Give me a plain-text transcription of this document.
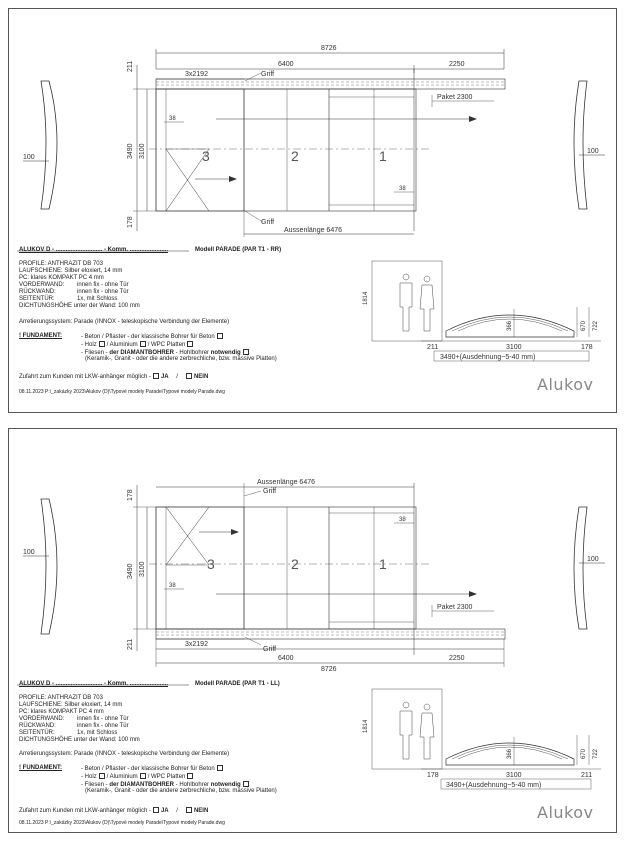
8726
6400	2250
3x2192	Griff
Paket 2300
211
3490 3100
178
38
38
Griff
Aussenlänge 6476
100
100
1
2
3
1814
366	670 722
211	3100	178
3490+(Ausdehnung~5-40 mm)
ALUKOV D - ............................ - Komm. .......................	Modell PARADE (PAR T1 - RR)
PROFILE: ANTHRAZIT DB 703
LAUFSCHIENE: Silber eloxiert, 14 mm
PC: klares KOMPAKT PC 4 mm
VORDERWAND: innen fix - ohne Tür
RÜCKWAND:	innen fix - ohne Tür
SEITENTÜR:	1x, mit Schloss
DICHTUNGSHÖHE unter der Wand: 100 mm
Arretierungssystem: Parade (INNOX - teleskopische Verbindung der Elemente)
! FUNDAMENT:	- Beton / Pflaster - der klassische Bohrer für Beton
- Holz / Aluminium / WPC Platten
- Fliesen - der DIAMANTBOHRER - Hohlbohrer notwendig
(Keramik-, Granit - oder die andere zerbrechliche, bzw. massive Platten)
Zufahrt zum Kunden mit LKW-anhänger möglich - JA /	NEIN
08.11.2023 P:\_zakázky 2023\Alukov (D)\Typové modely Parade\Typové modely Parade.dwg	Alukov
Aussenlänge 6476
Griff
178
3490 3100
211
38
38
Paket 2300
3x2192
Griff
6400	2250
8726
100
100
1
2
3
1814
366	670 722
178	3100	211
3490+(Ausdehnung~5-40 mm)
ALUKOV D - ............................ - Komm. .......................	Modell PARADE (PAR T1 - LL)
PROFILE: ANTHRAZIT DB 703
LAUFSCHIENE: Silber eloxiert, 14 mm
PC: klares KOMPAKT PC 4 mm
VORDERWAND: innen fix - ohne Tür
RÜCKWAND:	innen fix - ohne Tür
SEITENTÜR:	1x, mit Schloss
DICHTUNGSHÖHE unter der Wand: 100 mm
Arretierungssystem: Parade (INNOX - teleskopische Verbindung der Elemente)
! FUNDAMENT:	- Beton / Pflaster - der klassische Bohrer für Beton
- Holz / Aluminium / WPC Platten
- Fliesen - der DIAMANTBOHRER - Hohlbohrer notwendig
(Keramik-, Granit - oder die andere zerbrechliche, bzw. massive Platten)
Zufahrt zum Kunden mit LKW-anhänger möglich - JA /	NEIN
08.11.2023 P:\_zakázky 2023\Alukov (D)\Typové modely Parade\Typové modely Parade.dwg
Alukov
